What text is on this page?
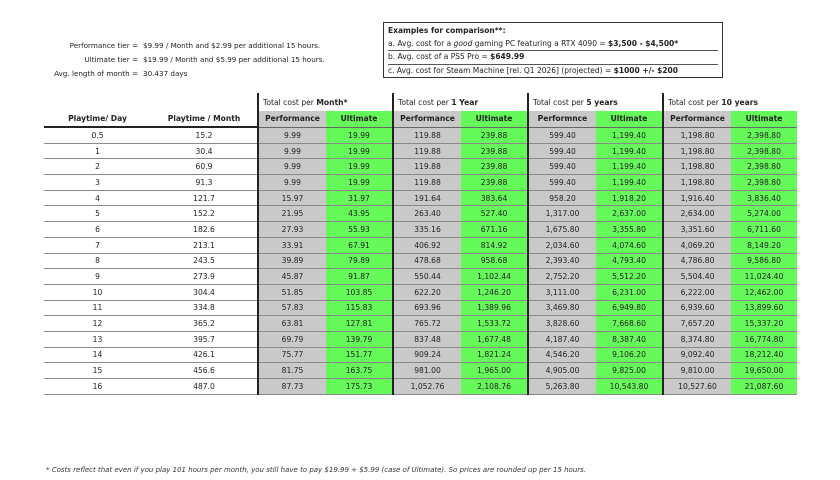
Performance tier = $9.99 / Month and $2.99 per additional 15 hours.
Ultimate tier = $19.99 / Month and $5.99 per additional 15 hours.
Avg. length of month = 30.437 days
Examples for comparison**:
a. Avg. cost for a good gaming PC featuring a RTX 4090 = $3,500 - $4,500*
b. Avg. cost of a PS5 Pro = $649.99
c. Avg. cost for Steam Machine [rel. Q1 2026] (projected) = $1000 +/- $200
		Total cost per Month*		Total cost per 1 Year		Total cost per 5 years		Total cost per 10 years	
Playtime/ Day	Playtime / Month	Performance	Ultimate	Performance	Ultimate	Performnce	Ultimate	Performance	Ultimate
0.5	15.2	9.99	19.99	119.88	239.88	599.40	1,199.40	1,198.80	2,398.80
1	30.4	9.99	19.99	119.88	239.88	599.40	1,199.40	1,198.80	2,398.80
2	60.9	9.99	19.99	119.88	239.88	599.40	1,199.40	1,198.80	2,398.80
3	91.3	9.99	19.99	119.88	239.88	599.40	1,199.40	1,198.80	2,398.80
4	121.7	15.97	31.97	191.64	383.64	958.20	1,918.20	1,916.40	3,836.40
5	152.2	21.95	43.95	263.40	527.40	1,317.00	2,637.00	2,634.00	5,274.00
6	182.6	27.93	55.93	335.16	671.16	1,675.80	3,355.80	3,351.60	6,711.60
7	213.1	33.91	67.91	406.92	814.92	2,034.60	4,074.60	4,069.20	8,149.20
8	243.5	39.89	79.89	478.68	958.68	2,393.40	4,793.40	4,786.80	9,586.80
9	273.9	45.87	91.87	550.44	1,102.44	2,752.20	5,512.20	5,504.40	11,024.40
10	304.4	51.85	103.85	622.20	1,246.20	3,111.00	6,231.00	6,222.00	12,462.00
11	334.8	57.83	115.83	693.96	1,389.96	3,469.80	6,949.80	6,939.60	13,899.60
12	365.2	63.81	127.81	765.72	1,533.72	3,828.60	7,668.60	7,657.20	15,337.20
13	395.7	69.79	139.79	837.48	1,677.48	4,187.40	8,387.40	8,374.80	16,774.80
14	426.1	75.77	151.77	909.24	1,821.24	4,546.20	9,106.20	9,092.40	18,212.40
15	456.6	81.75	163.75	981.00	1,965.00	4,905.00	9,825.00	9,810.00	19,650.00
16	487.0	87.73	175.73	1,052.76	2,108.76	5,263.80	10,543.80	10,527.60	21,087.60
* Costs reflect that even if you play 101 hours per month, you still have to pay $19.99 + $5.99 (case of Ultimate). So prices are rounded up per 15 hours.
